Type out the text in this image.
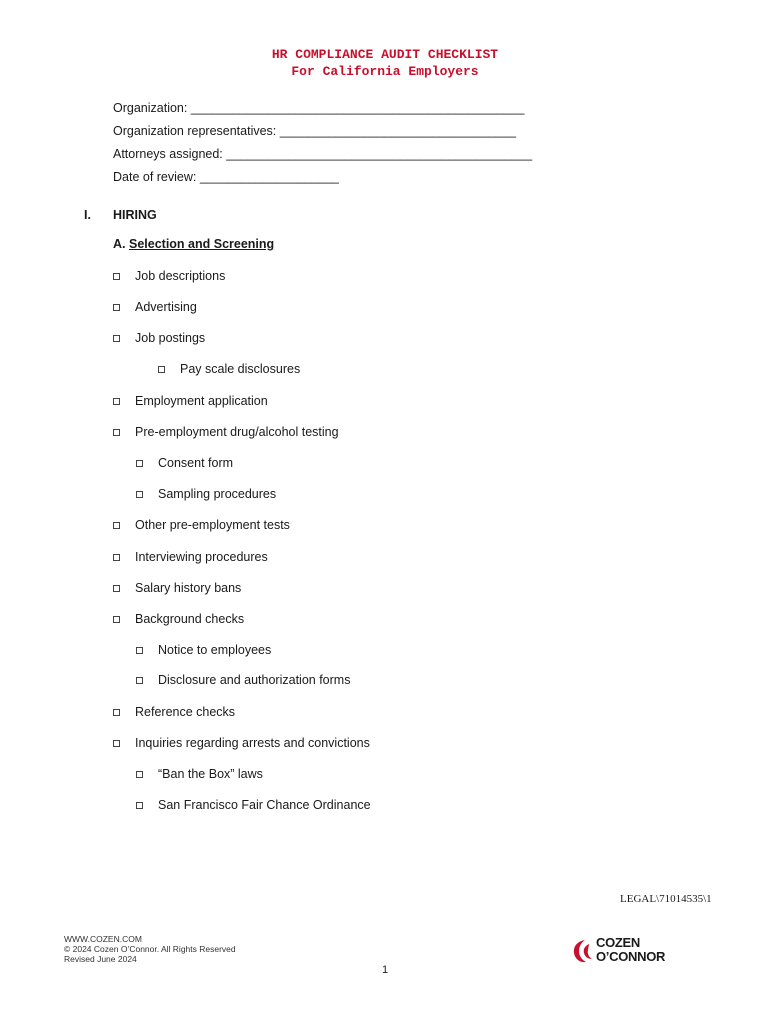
HR COMPLIANCE AUDIT CHECKLIST
For California Employers
Organization: ________________________________________________
Organization representatives: __________________________________
Attorneys assigned: ____________________________________________
Date of review: ____________________
I. HIRING
A. Selection and Screening
Job descriptions
Advertising
Job postings
Pay scale disclosures
Employment application
Pre-employment drug/alcohol testing
Consent form
Sampling procedures
Other pre-employment tests
Interviewing procedures
Salary history bans
Background checks
Notice to employees
Disclosure and authorization forms
Reference checks
Inquiries regarding arrests and convictions
“Ban the Box” laws
San Francisco Fair Chance Ordinance
LEGAL\71014535\1
WWW.COZEN.COM
© 2024 Cozen O’Connor. All Rights Reserved
Revised June 2024
1
COZEN
O’CONNOR
